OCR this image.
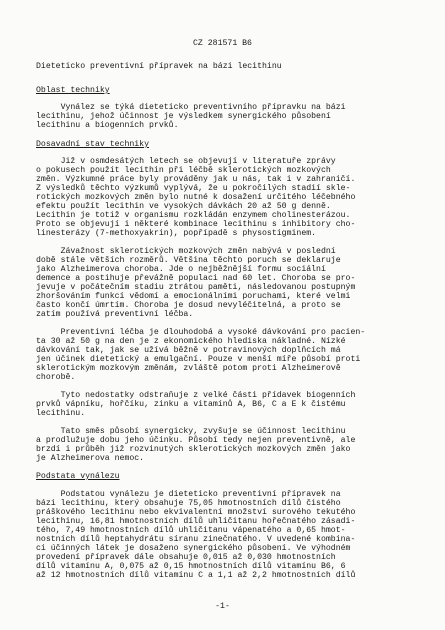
CZ 281571 B6
Dieteticko preventivní přípravek na bázi lecithinu
Oblast techniky
Vynález se týká dieteticko preventivního přípravku na bázi
lecithinu, jehož účinnost je výsledkem synergického působení
lecithinu a biogenních prvků.
Dosavadní stav techniky
Již v osmdesátých letech se objevují v literatuře zprávy
o pokusech použít lecithin při léčbě sklerotických mozkových
změn. Výzkumné práce byly prováděny jak u nás, tak i v zahraničí.
Z výsledků těchto výzkumů vyplývá, že u pokročilých stadií skle-
rotických mozkových změn bylo nutné k dosažení určitého léčebného
efektu použít lecithin ve vysokých dávkách 20 až 50 g denně.
Lecithin je totiž v organismu rozkládán enzymem cholinesterázou.
Proto se objevují i některé kombinace lecithinu s inhibitory cho-
linesterázy (7-methoxyakrin), popřípadě s physostigminem.
Závažnost sklerotických mozkových změn nabývá v poslední
době stále větších rozměrů. Většina těchto poruch se deklaruje
jako Alzheimerova choroba. Jde o nejběžnější formu sociální
demence a postihuje převážně populaci nad 60 let. Choroba se pro-
jevuje v počátečním stadiu ztrátou paměti, následovanou postupným
zhoršováním funkcí vědomí a emocionálními poruchami, které velmi
často končí úmrtím. Choroba je dosud nevyléčitelná, a proto se
zatím používá preventivní léčba.
Preventivní léčba je dlouhodobá a vysoké dávkování pro pacien-
ta 30 až 50 g na den je z ekonomického hlediska nákladné. Nízké
dávkování tak, jak se užívá běžně v potravinových doplňcích má
jen účinek dietetický a emulgační. Pouze v menší míře působí proti
sklerotickým mozkovým změnám, zvláště potom proti Alzheimerově
chorobě.
Tyto nedostatky odstraňuje z velké části přídavek biogenních
prvků vápníku, hořčíku, zinku a vitamínů A, B6, C a E k čistému
lecithinu.
Tato směs působí synergicky, zvyšuje se účinnost lecithinu
a prodlužuje dobu jeho účinku. Působí tedy nejen preventivně, ale
brzdí i průběh již rozvinutých sklerotických mozkových změn jako
je Alzheimerova nemoc.
Podstata vynálezu
Podstatou vynálezu je dieteticko preventivní přípravek na
bázi lecithinu, který obsahuje 75,05 hmotnostních dílů čistého
práškového lecithinu nebo ekvivalentní množství surového tekutého
lecithinu, 16,81 hmotnostních dílů uhličitanu hořečnatého zásadi-
tého, 7,49 hmotnostních dílů uhličitanu vápenatého a 0,65 hmot-
nostních dílů heptahydrátu síranu zinečnatého. V uvedené kombina-
ci účinných látek je dosaženo synergického působení. Ve výhodném
provedení přípravek dále obsahuje 0,015 až 0,030 hmotnostních
dílů vitamínu A, 0,075 až 0,15 hmotnostních dílů vitamínu B6, 6
až 12 hmotnostních dílů vitamínu C a 1,1 až 2,2 hmotnostních dílů
-1-
